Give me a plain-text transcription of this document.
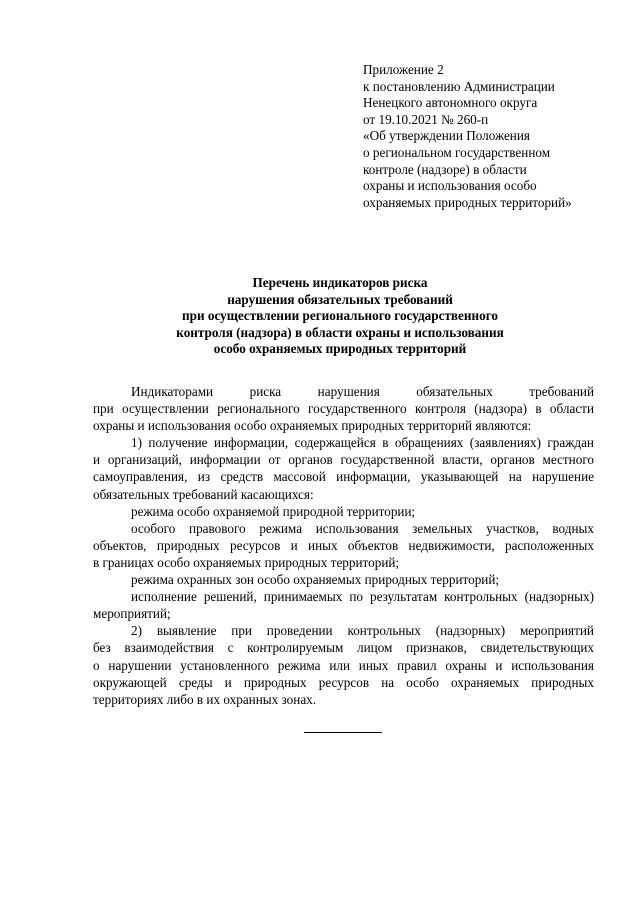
Приложение 2
к постановлению Администрации
Ненецкого автономного округа
от 19.10.2021 № 260-п
«Об утверждении Положения
о региональном государственном
контроле (надзоре) в области
охраны и использования особо
охраняемых природных территорий»
Перечень индикаторов риска
нарушения обязательных требований
при осуществлении регионального государственного
контроля (надзора) в области охраны и использования
особо охраняемых природных территорий
Индикаторами риска нарушения обязательных требований
при осуществлении регионального государственного контроля (надзора) в области
охраны и использования особо охраняемых природных территорий являются:
1) получение информации, содержащейся в обращениях (заявлениях) граждан
и организаций, информации от органов государственной власти, органов местного
самоуправления, из средств массовой информации, указывающей на нарушение
обязательных требований касающихся:
режима особо охраняемой природной территории;
особого правового режима использования земельных участков, водных
объектов, природных ресурсов и иных объектов недвижимости, расположенных
в границах особо охраняемых природных территорий;
режима охранных зон особо охраняемых природных территорий;
исполнение решений, принимаемых по результатам контрольных (надзорных)
мероприятий;
2) выявление при проведении контрольных (надзорных) мероприятий
без взаимодействия с контролируемым лицом признаков, свидетельствующих
о нарушении установленного режима или иных правил охраны и использования
окружающей среды и природных ресурсов на особо охраняемых природных
территориях либо в их охранных зонах.
